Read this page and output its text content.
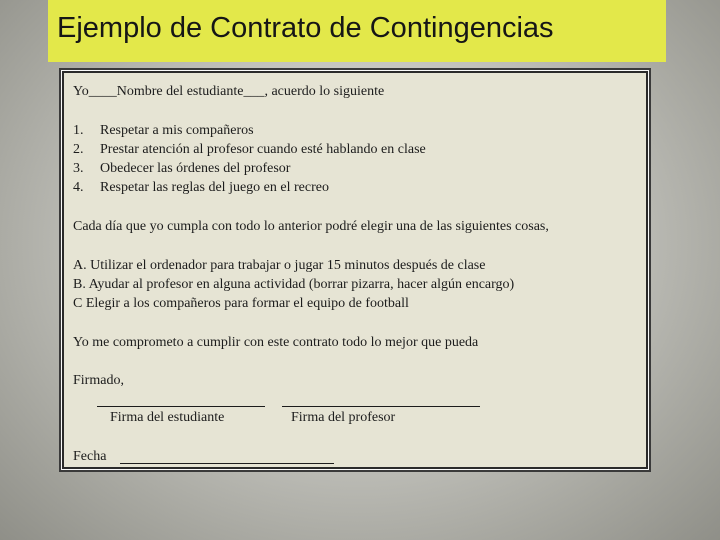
Ejemplo de Contrato de Contingencias
Yo____Nombre del estudiante___, acuerdo lo siguiente
1. Respetar a mis compañeros
2. Prestar atención al profesor cuando esté hablando en clase
3. Obedecer las órdenes del profesor
4. Respetar las reglas del juego en el recreo
Cada día que yo cumpla con todo lo anterior podré elegir una de las siguientes cosas,
A. Utilizar el ordenador para trabajar o jugar 15 minutos después de clase
B. Ayudar al profesor en alguna actividad (borrar pizarra, hacer algún encargo)
C Elegir a los compañeros para formar el equipo de football
Yo me comprometo a cumplir con este contrato todo lo mejor que pueda
Firmado,
Firma del estudiante	Firma del profesor
Fecha
